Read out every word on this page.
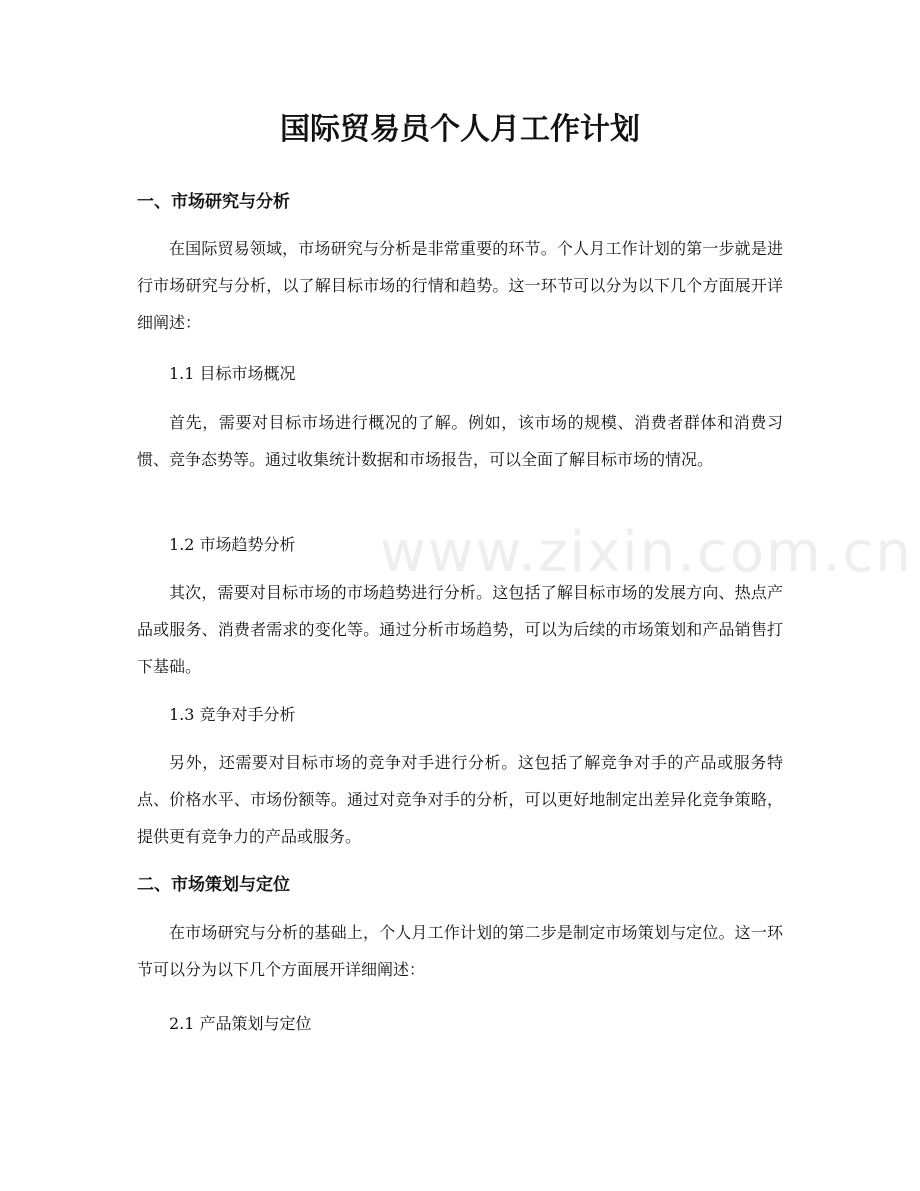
国际贸易员个人月工作计划
一、市场研究与分析

在国际贸易领域，市场研究与分析是非常重要的环节。个人月工作计划的第一步就是进行市场研究与分析，以了解目标市场的行情和趋势。这一环节可以分为以下几个方面展开详细阐述：

1.1 目标市场概况

首先，需要对目标市场进行概况的了解。例如，该市场的规模、消费者群体和消费习惯、竞争态势等。通过收集统计数据和市场报告，可以全面了解目标市场的情况。

1.2 市场趋势分析

其次，需要对目标市场的市场趋势进行分析。这包括了解目标市场的发展方向、热点产品或服务、消费者需求的变化等。通过分析市场趋势，可以为后续的市场策划和产品销售打下基础。

1.3 竞争对手分析

另外，还需要对目标市场的竞争对手进行分析。这包括了解竞争对手的产品或服务特点、价格水平、市场份额等。通过对竞争对手的分析，可以更好地制定出差异化竞争策略，提供更有竞争力的产品或服务。

二、市场策划与定位

在市场研究与分析的基础上，个人月工作计划的第二步是制定市场策划与定位。这一环节可以分为以下几个方面展开详细阐述：

2.1 产品策划与定位

www.zixin.com.cn
